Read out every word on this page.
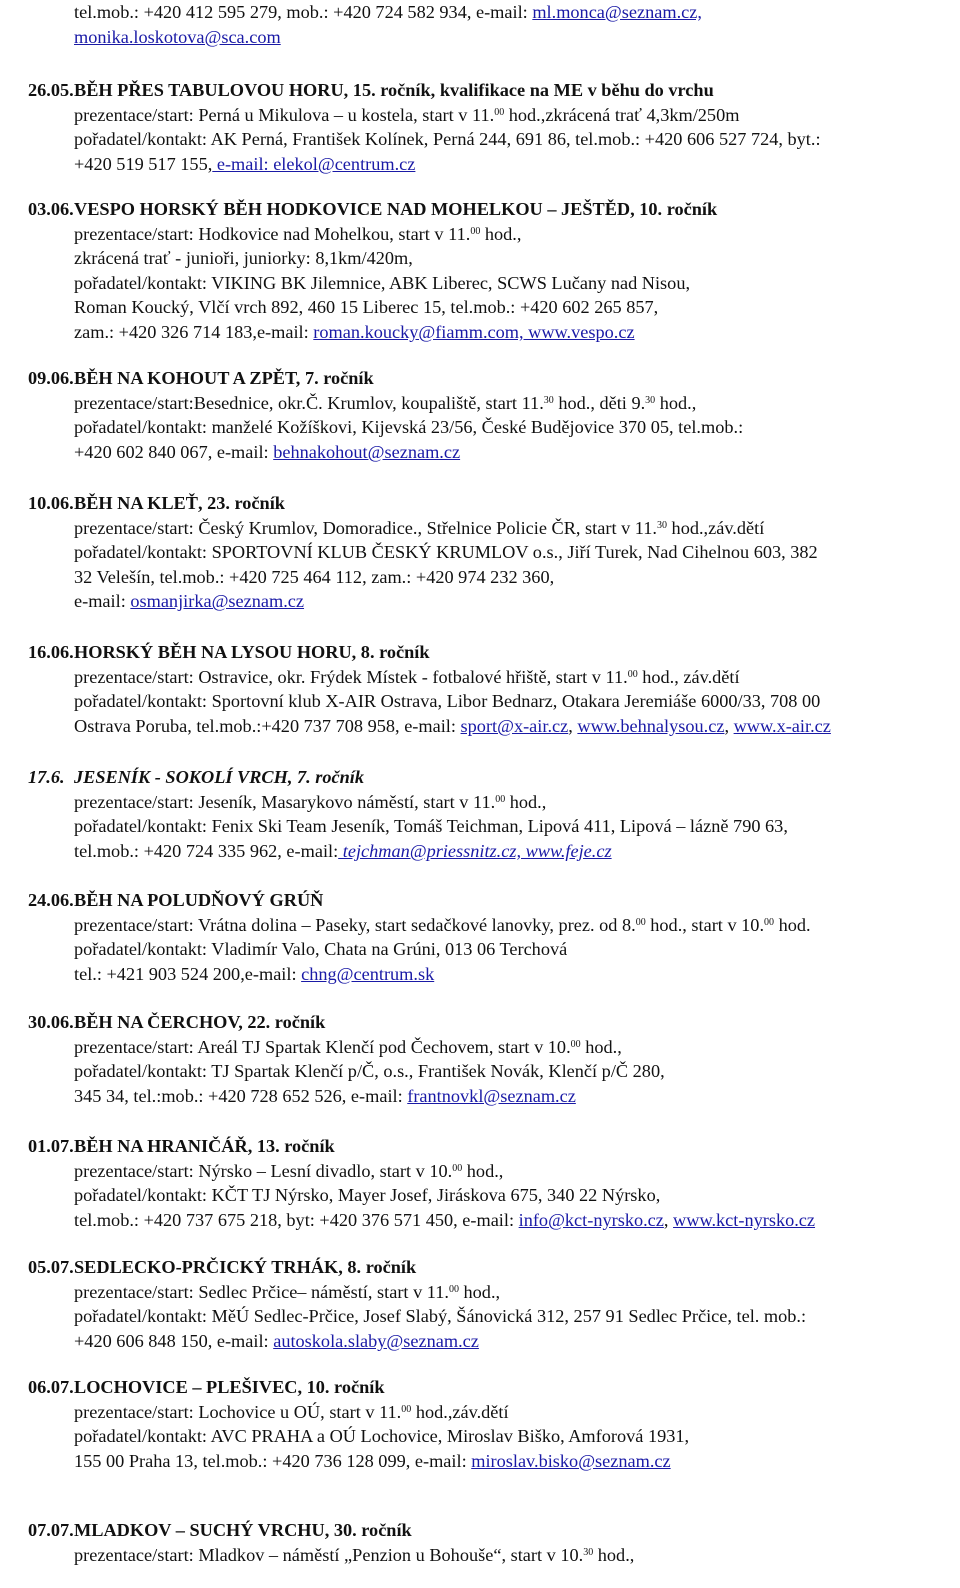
tel.mob.: +420 412 595 279, mob.: +420 724 582 934, e-mail: ml.monca@seznam.cz,
monika.loskotova@sca.com
26.05. BĚH PŘES TABULOVOU HORU, 15. ročník, kvalifikace na ME v běhu do vrchu
prezentace/start: Perná u Mikulova – u kostela, start v 11.00 hod.,zkrácená trať 4,3km/250m
pořadatel/kontakt: AK Perná, František Kolínek, Perná 244, 691 86, tel.mob.: +420 606 527 724, byt.:
+420 519 517 155, e-mail: elekol@centrum.cz
03.06. VESPO HORSKÝ BĚH HODKOVICE NAD MOHELKOU – JEŠTĚD, 10. ročník
prezentace/start: Hodkovice nad Mohelkou, start v 11.00 hod.,
zkrácená trať - junioři, juniorky: 8,1km/420m,
pořadatel/kontakt: VIKING BK Jilemnice, ABK Liberec, SCWS Lučany nad Nisou,
Roman Koucký, Vlčí vrch 892, 460 15 Liberec 15, tel.mob.: +420 602 265 857,
zam.: +420 326 714 183,e-mail: roman.koucky@fiamm.com, www.vespo.cz
09.06. BĚH NA KOHOUT A ZPĚT, 7. ročník
prezentace/start:Besednice, okr.Č. Krumlov, koupaliště, start 11.30 hod., děti 9.30 hod.,
pořadatel/kontakt: manželé Kožíškovi, Kijevská 23/56, České Budějovice 370 05, tel.mob.:
+420 602 840 067, e-mail: behnakohout@seznam.cz
10.06. BĚH NA KLEŤ, 23. ročník
prezentace/start: Český Krumlov, Domoradice., Střelnice Policie ČR, start v 11.30 hod.,záv.dětí
pořadatel/kontakt: SPORTOVNÍ KLUB ČESKÝ KRUMLOV o.s., Jiří Turek, Nad Cihelnou 603, 382
32 Velešín, tel.mob.: +420 725 464 112, zam.: +420 974 232 360,
e-mail: osmanjirka@seznam.cz
16.06. HORSKÝ BĚH NA LYSOU HORU, 8. ročník
prezentace/start: Ostravice, okr. Frýdek Místek - fotbalové hřiště, start v 11.00 hod., záv.dětí
pořadatel/kontakt: Sportovní klub X-AIR Ostrava, Libor Bednarz, Otakara Jeremiáše 6000/33, 708 00
Ostrava Poruba, tel.mob.:+420 737 708 958, e-mail: sport@x-air.cz, www.behnalysou.cz, www.x-air.cz
17.6. JESENÍK - SOKOLÍ VRCH, 7. ročník
prezentace/start: Jeseník, Masarykovo náměstí, start v 11.00 hod.,
pořadatel/kontakt: Fenix Ski Team Jeseník, Tomáš Teichman, Lipová 411, Lipová – lázně 790 63,
tel.mob.: +420 724 335 962, e-mail: tejchman@priessnitz.cz, www.feje.cz
24.06. BĚH NA POLUDŇOVÝ GRÚŇ
prezentace/start: Vrátna dolina – Paseky, start sedačkové lanovky, prez. od 8.00 hod., start v 10.00 hod.
pořadatel/kontakt: Vladimír Valo, Chata na Grúni, 013 06 Terchová
tel.: +421 903 524 200,e-mail: chng@centrum.sk
30.06. BĚH NA ČERCHOV, 22. ročník
prezentace/start: Areál TJ Spartak Klenčí pod Čechovem, start v 10.00 hod.,
pořadatel/kontakt: TJ Spartak Klenčí p/Č, o.s., František Novák, Klenčí p/Č 280,
345 34, tel.:mob.: +420 728 652 526, e-mail: frantnovkl@seznam.cz
01.07. BĚH NA HRANIČÁŘ, 13. ročník
prezentace/start: Nýrsko – Lesní divadlo, start v 10.00 hod.,
pořadatel/kontakt: KČT TJ Nýrsko, Mayer Josef, Jiráskova 675, 340 22 Nýrsko,
tel.mob.: +420 737 675 218, byt: +420 376 571 450, e-mail: info@kct-nyrsko.cz, www.kct-nyrsko.cz
05.07. SEDLECKO-PRČICKÝ TRHÁK, 8. ročník
prezentace/start: Sedlec Prčice– náměstí, start v 11.00 hod.,
pořadatel/kontakt: MěÚ Sedlec-Prčice, Josef Slabý, Šánovická 312, 257 91 Sedlec Prčice, tel. mob.:
+420 606 848 150, e-mail: autoskola.slaby@seznam.cz
06.07. LOCHOVICE – PLEŠIVEC, 10. ročník
prezentace/start: Lochovice u OÚ, start v 11.00 hod.,záv.dětí
pořadatel/kontakt: AVC PRAHA a OÚ Lochovice, Miroslav Biško, Amforová 1931,
155 00 Praha 13, tel.mob.: +420 736 128 099, e-mail: miroslav.bisko@seznam.cz
07.07. MLADKOV – SUCHÝ VRCHU, 30. ročník
prezentace/start: Mladkov – náměstí „Penzion u Bohouše“, start v 10.30 hod.,
